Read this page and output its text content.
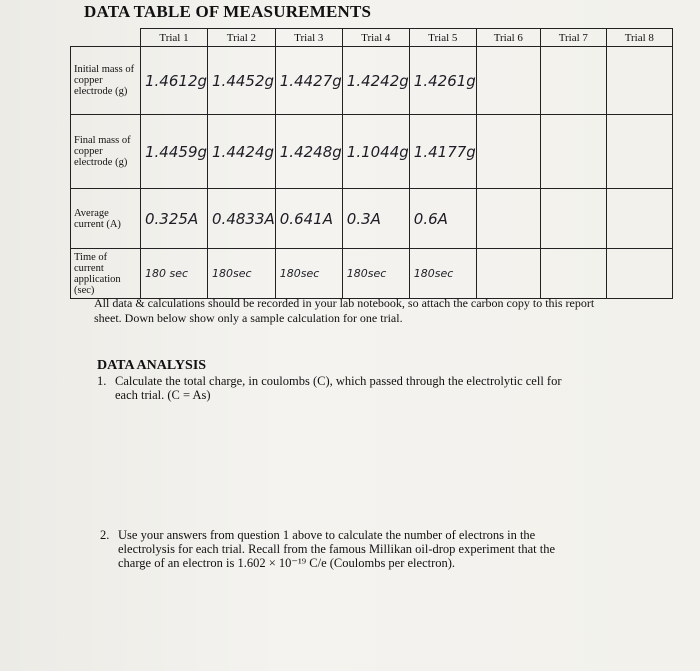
DATA TABLE OF MEASUREMENTS
	Trial 1	Trial 2	Trial 3	Trial 4	Trial 5	Trial 6	Trial 7	Trial 8
Initial mass of copper electrode (g)	1.4612g	1.4452g	1.4427g	1.4242g	1.4261g			
Final mass of copper electrode (g)	1.4459g	1.4424g	1.4248g	1.1044g	1.4177g			
Average current (A)	0.325A	0.4833A	0.641A	0.3A	0.6A			
Time of current application (sec)	180 sec	180sec	180sec	180sec	180sec			
All data & calculations should be recorded in your lab notebook, so attach the carbon copy to this report
sheet. Down below show only a sample calculation for one trial.
DATA ANALYSIS
1. Calculate the total charge, in coulombs (C), which passed through the electrolytic cell for
each trial. (C = As)
2. Use your answers from question 1 above to calculate the number of electrons in the
electrolysis for each trial. Recall from the famous Millikan oil-drop experiment that the
charge of an electron is 1.602 × 10⁻¹⁹ C/e (Coulombs per electron).
